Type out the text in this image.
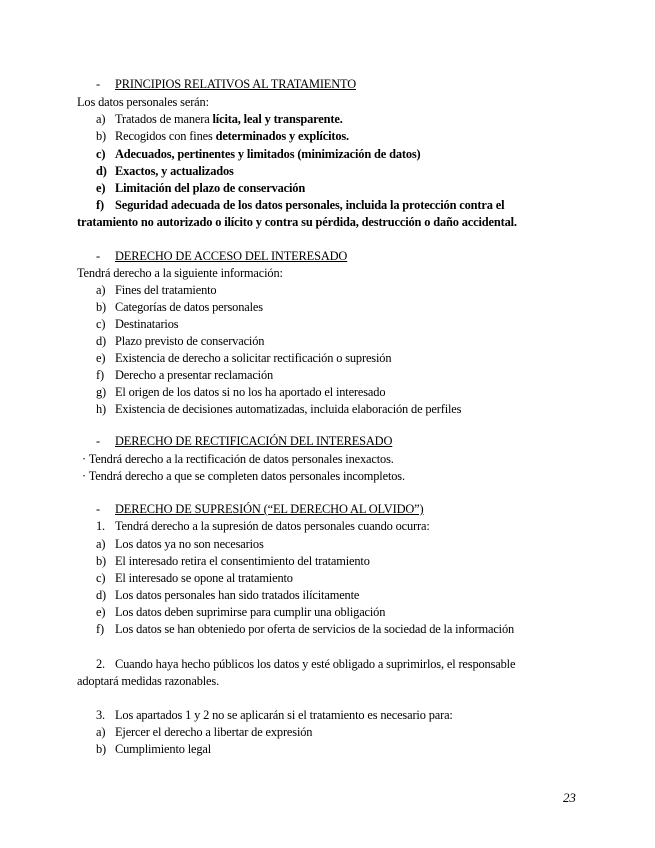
- PRINCIPIOS RELATIVOS AL TRATAMIENTO
Los datos personales serán:
a) Tratados de manera lícita, leal y transparente.
b) Recogidos con fines determinados y explícitos.
c) Adecuados, pertinentes y limitados (minimización de datos)
d) Exactos, y actualizados
e) Limitación del plazo de conservación
f) Seguridad adecuada de los datos personales, incluida la protección contra el
tratamiento no autorizado o ilícito y contra su pérdida, destrucción o daño accidental.
- DERECHO DE ACCESO DEL INTERESADO
Tendrá derecho a la siguiente información:
a) Fines del tratamiento
b) Categorías de datos personales
c) Destinatarios
d) Plazo previsto de conservación
e) Existencia de derecho a solicitar rectificación o supresión
f) Derecho a presentar reclamación
g) El origen de los datos si no los ha aportado el interesado
h) Existencia de decisiones automatizadas, incluida elaboración de perfiles
- DERECHO DE RECTIFICACIÓN DEL INTERESADO
· Tendrá derecho a la rectificación de datos personales inexactos.
· Tendrá derecho a que se completen datos personales incompletos.
- DERECHO DE SUPRESIÓN (“EL DERECHO AL OLVIDO”)
1. Tendrá derecho a la supresión de datos personales cuando ocurra:
a) Los datos ya no son necesarios
b) El interesado retira el consentimiento del tratamiento
c) El interesado se opone al tratamiento
d) Los datos personales han sido tratados ilícitamente
e) Los datos deben suprimirse para cumplir una obligación
f) Los datos se han obteniedo por oferta de servicios de la sociedad de la información
2. Cuando haya hecho públicos los datos y esté obligado a suprimirlos, el responsable
adoptará medidas razonables.
3. Los apartados 1 y 2 no se aplicarán si el tratamiento es necesario para:
a) Ejercer el derecho a libertar de expresión
b) Cumplimiento legal
23
